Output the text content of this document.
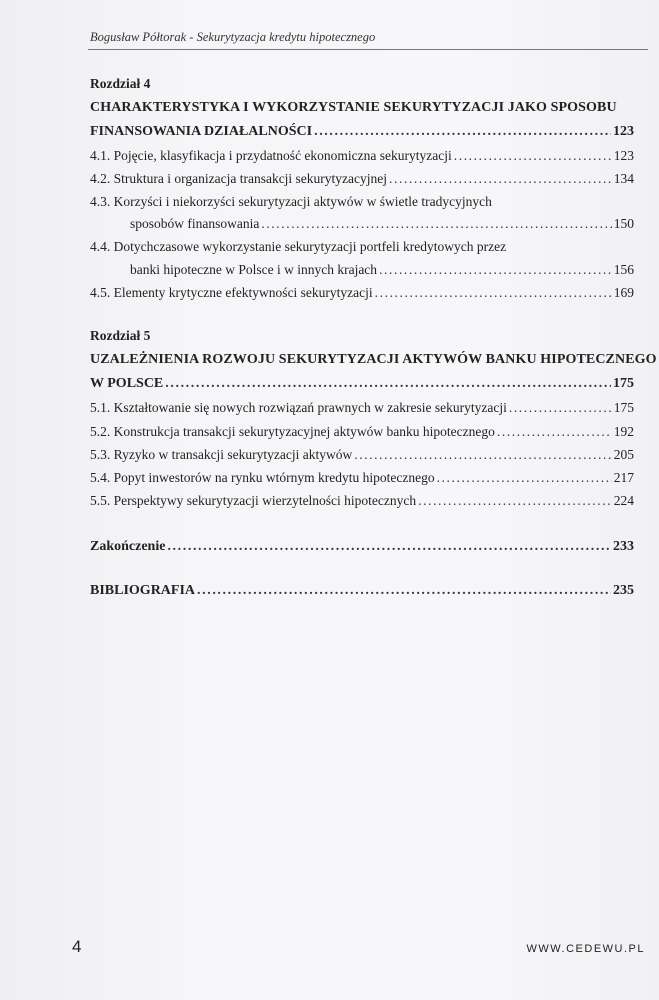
Bogusław Półtorak - Sekurytyzacja kredytu hipotecznego
Rozdział 4
CHARAKTERYSTYKA I WYKORZYSTANIE SEKURYTYZACJI JAKO SPOSOBU
FINANSOWANIA DZIAŁALNOŚCI .....	123
4.1. Pojęcie, klasyfikacja i przydatność ekonomiczna sekurytyzacji .....	123
4.2. Struktura i organizacja transakcji sekurytyzacyjnej .....	134
4.3. Korzyści i niekorzyści sekurytyzacji aktywów w świetle tradycyjnych
sposobów finansowania .....	150
4.4. Dotychczasowe wykorzystanie sekurytyzacji portfeli kredytowych przez
banki hipoteczne w Polsce i w innych krajach .....	156
4.5. Elementy krytyczne efektywności sekurytyzacji .....	169
Rozdział 5
UZALEŻNIENIA ROZWOJU SEKURYTYZACJI AKTYWÓW BANKU HIPOTECZNEGO
W POLSCE .....	175
5.1. Kształtowanie się nowych rozwiązań prawnych w zakresie sekurytyzacji .....	175
5.2. Konstrukcja transakcji sekurytyzacyjnej aktywów banku hipotecznego .....	192
5.3. Ryzyko w transakcji sekurytyzacji aktywów .....	205
5.4. Popyt inwestorów na rynku wtórnym kredytu hipotecznego .....	217
5.5. Perspektywy sekurytyzacji wierzytelności hipotecznych .....	224
Zakończenie .....	233
BIBLIOGRAFIA .....	235
4	WWW.CEDEWU.PL
